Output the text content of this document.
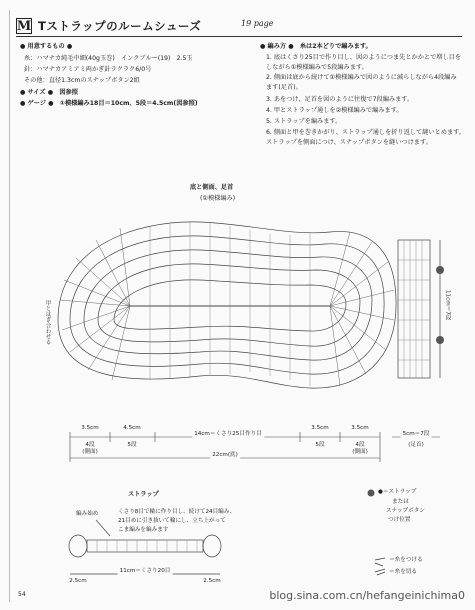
M Tストラップのルームシューズ	19 page
● 用意するもの ●
糸：ハマナカ純毛中細(40g玉巻)　インクブルー(19)　2.5玉
針：ハマナカアミアミ両かぎ針ラクラク6/0号
その他：直径1.3cmのスナップボタン2組
● サイズ ●　図参照
● ゲージ ●　①模様編み18目＝10cm、5段＝4.5cm(図参照)
● 編み方 ●　糸は2本どりで編みます。
1. 底はくさり25目で作り目し、図のようにつま先とかかとで増し目を
しながら①模様編みで5段編みます。
2. 側面は底から続けて①模様編みで図のように減らしながら4段編み
ます(足首)。
3. あをつけ、足首を図のように往復で7段編みます。
4. 甲とストラップ通しを②模様編みで編みます。
5. ストラップを編みます。
6. 側面と甲を巻きかがり、ストラップ通しを折り返して縫いとめます。
ストラップを側面につけ、スナップボタンを縫いつけます。
底と側面、足首
(①模様編み)
甲とはぎ合わせる	11cm＝7段
3.5cm
4段
(側面)
4.5cm
5段
14cm＝くさり25目作り目
3.5cm
5段
3.5cm
4段
(側面)
5cm＝7段
(足首)
22cm(底)
ストラップ
編み始め	くさり8目で輪に作り目し、続けて24目編み、
21目めに引き抜いて輪にし、立ち上がって
こま編みを編みます
11cm＝くさり20目
2.5cm	2.5cm
●＝ストラップ
または
スナップボタン
つけ位置
＝糸をつける
＝糸を切る
54	blog.sina.com.cn/hefangeinichima0
